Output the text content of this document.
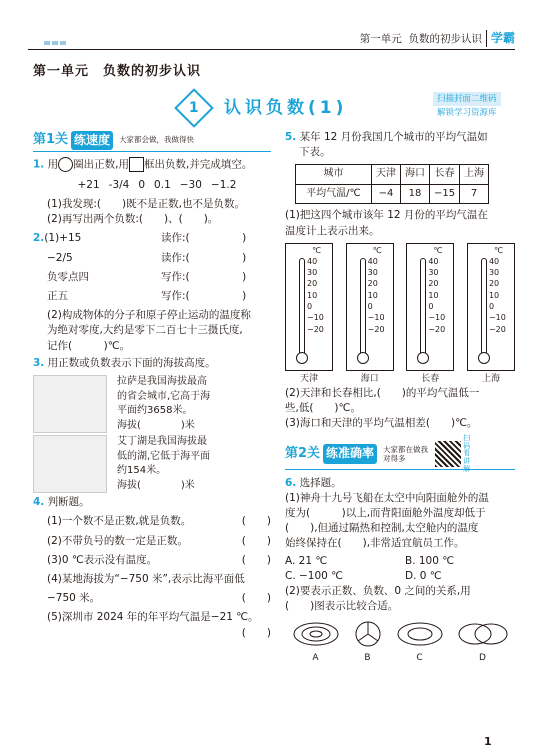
第一单元
负数的初步认识 学霸
第一单元　负数的初步认识
1 认识负数(1)	扫描封面二维码
解锁学习资源库
第1关 练速度	大家都会做，我做得快
1. 用 圈出正数,用 框出负数,并完成填空。
+21 -3/4 0 0.1 −30 −1.2
(1)我发现:(　　)既不是正数,也不是负数。
(2)再写出两个负数:(　　)、(　　)。
2.(1)+15	读作:(　　　　　)
−2/5	读作:(　　　　　)
负零点四	写作:(　　　　　)
正五	写作:(　　　　　)
(2)构成物体的分子和原子停止运动的温度称
为绝对零度,大约是零下二百七十三摄氏度,
记作(　　　)℃。
3. 用正数或负数表示下面的海拔高度。
拉萨是我国海拔最高
的省会城市,它高于海
平面约3658米。
海拔(　　　　)米
艾丁湖是我国海拔最
低的湖,它低于海平面
约154米。
海拔(　　　　)米
4. 判断题。
(1)一个数不是正数,就是负数。	(　　)
(2)不带负号的数一定是正数。	(　　)
(3)0 ℃表示没有温度。	(　　)
(4)某地海拔为“−750 米”,表示比海平面低
−750 米。	(　　)
(5)深圳市 2024 年的年平均气温是−21 ℃。
(　　)
5. 某年 12 月份我国几个城市的平均气温如
下表。
城市	天津	海口	长春	上海
平均气温/℃	−4	18	−15	7
(1)把这四个城市该年 12 月份的平均气温在
温度计上表示出来。
℃
40
30
20
10
0
−10
−20
天津
℃
40
30
20
10
0
−10
−20
海口
℃
40
30
20
10
0
−10
−20
长春
℃
40
30
20
10
0
−10
−20
上海
(2)天津和长春相比,(　　)的平均气温低一
些,低(　　)℃。
(3)海口和天津的平均气温相差(　　)℃。
第2关 练准确率	大家都在做我对得多
扫码看讲解
6. 选择题。
(1)神舟十九号飞船在太空中向阳面舱外的温
度为(　　　)以上,而背阳面舱外温度却低于
(　　),但通过隔热和控制,太空舱内的温度
始终保持在(　　),非常适宜航员工作。
A. 21 ℃	B. 100 ℃
C. −100 ℃	D. 0 ℃
(2)要表示正数、负数、0 之间的关系,用
(　　)图表示比较合适。
A	B	C	D
1
